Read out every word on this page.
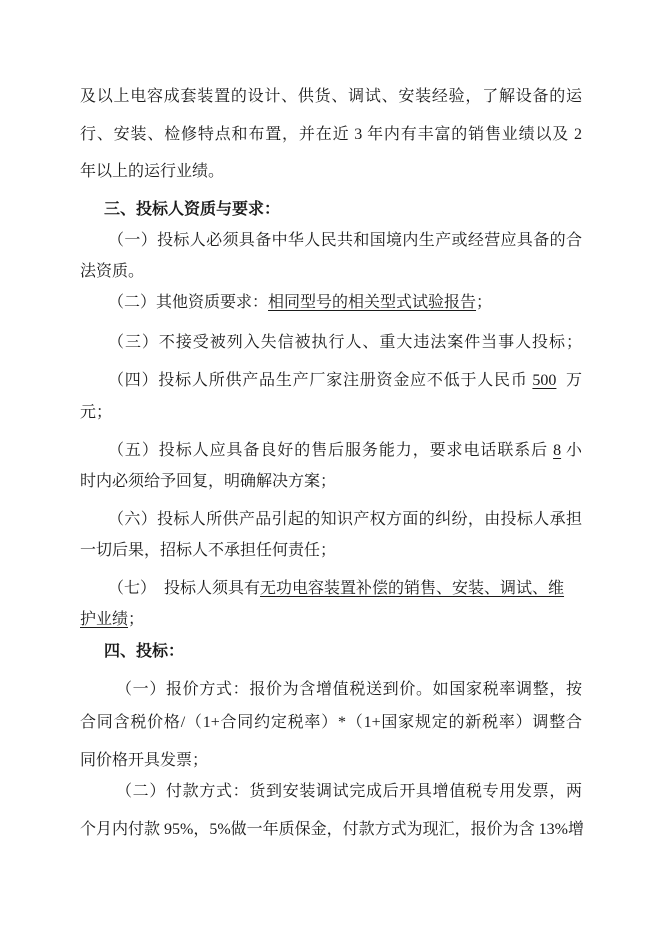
及以上电容成套装置的设计、供货、调试、安装经验，了解设备的运
行、安装、检修特点和布置，并在近 3 年内有丰富的销售业绩以及 2
年以上的运行业绩。
三、投标人资质与要求：
（一）投标人必须具备中华人民共和国境内生产或经营应具备的合
法资质。
（二）其他资质要求：相同型号的相关型式试验报告；
（三）不接受被列入失信被执行人、重大违法案件当事人投标；
（四）投标人所供产品生产厂家注册资金应不低于人民币 500 万
元；
（五）投标人应具备良好的售后服务能力，要求电话联系后 8 小
时内必须给予回复，明确解决方案；
（六）投标人所供产品引起的知识产权方面的纠纷，由投标人承担
一切后果，招标人不承担任何责任；
（七）  投标人须具有无功电容装置补偿的销售、安装、调试、维
护业绩；
四、投标：
（一）报价方式：报价为含增值税送到价。如国家税率调整，按
合同含税价格/（1+合同约定税率）*（1+国家规定的新税率）调整合
同价格开具发票；
（二）付款方式：货到安装调试完成后开具增值税专用发票，两
个月内付款 95%，5%做一年质保金，付款方式为现汇，报价为含 13%增
